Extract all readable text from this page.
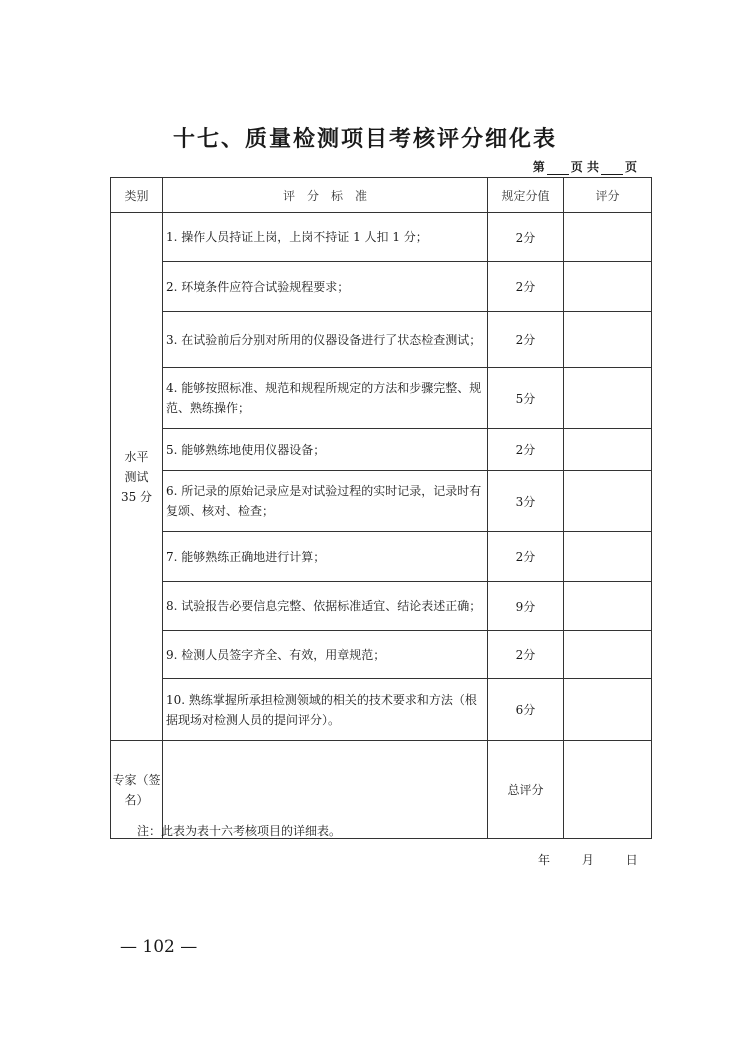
十七、质量检测项目考核评分细化表
第 页 共 页
类别	评　分　标　准	规定分值	评分

水平
测试
35 分	1. 操作人员持证上岗，上岗不持证 1 人扣 1 分；	2分	
	2. 环境条件应符合试验规程要求；	2分	
	3. 在试验前后分别对所用的仪器设备进行了状态检查测试；	2分	
	4. 能够按照标准、规范和规程所规定的方法和步骤完整、规范、熟练操作；	5分	
	5. 能够熟练地使用仪器设备；	2分	
	6. 所记录的原始记录应是对试验过程的实时记录，记录时有复颂、核对、检查；	3分	
	7. 能够熟练正确地进行计算；	2分	
	8. 试验报告必要信息完整、依据标准适宜、结论表述正确；	9分	
	9. 检测人员签字齐全、有效，用章规范；	2分	
	10. 熟练掌握所承担检测领域的相关的技术要求和方法（根据现场对检测人员的提问评分）。	6分	
专家（签名）		总评分	
注：此表为表十六考核项目的详细表。
年	月	日
— 102 —
